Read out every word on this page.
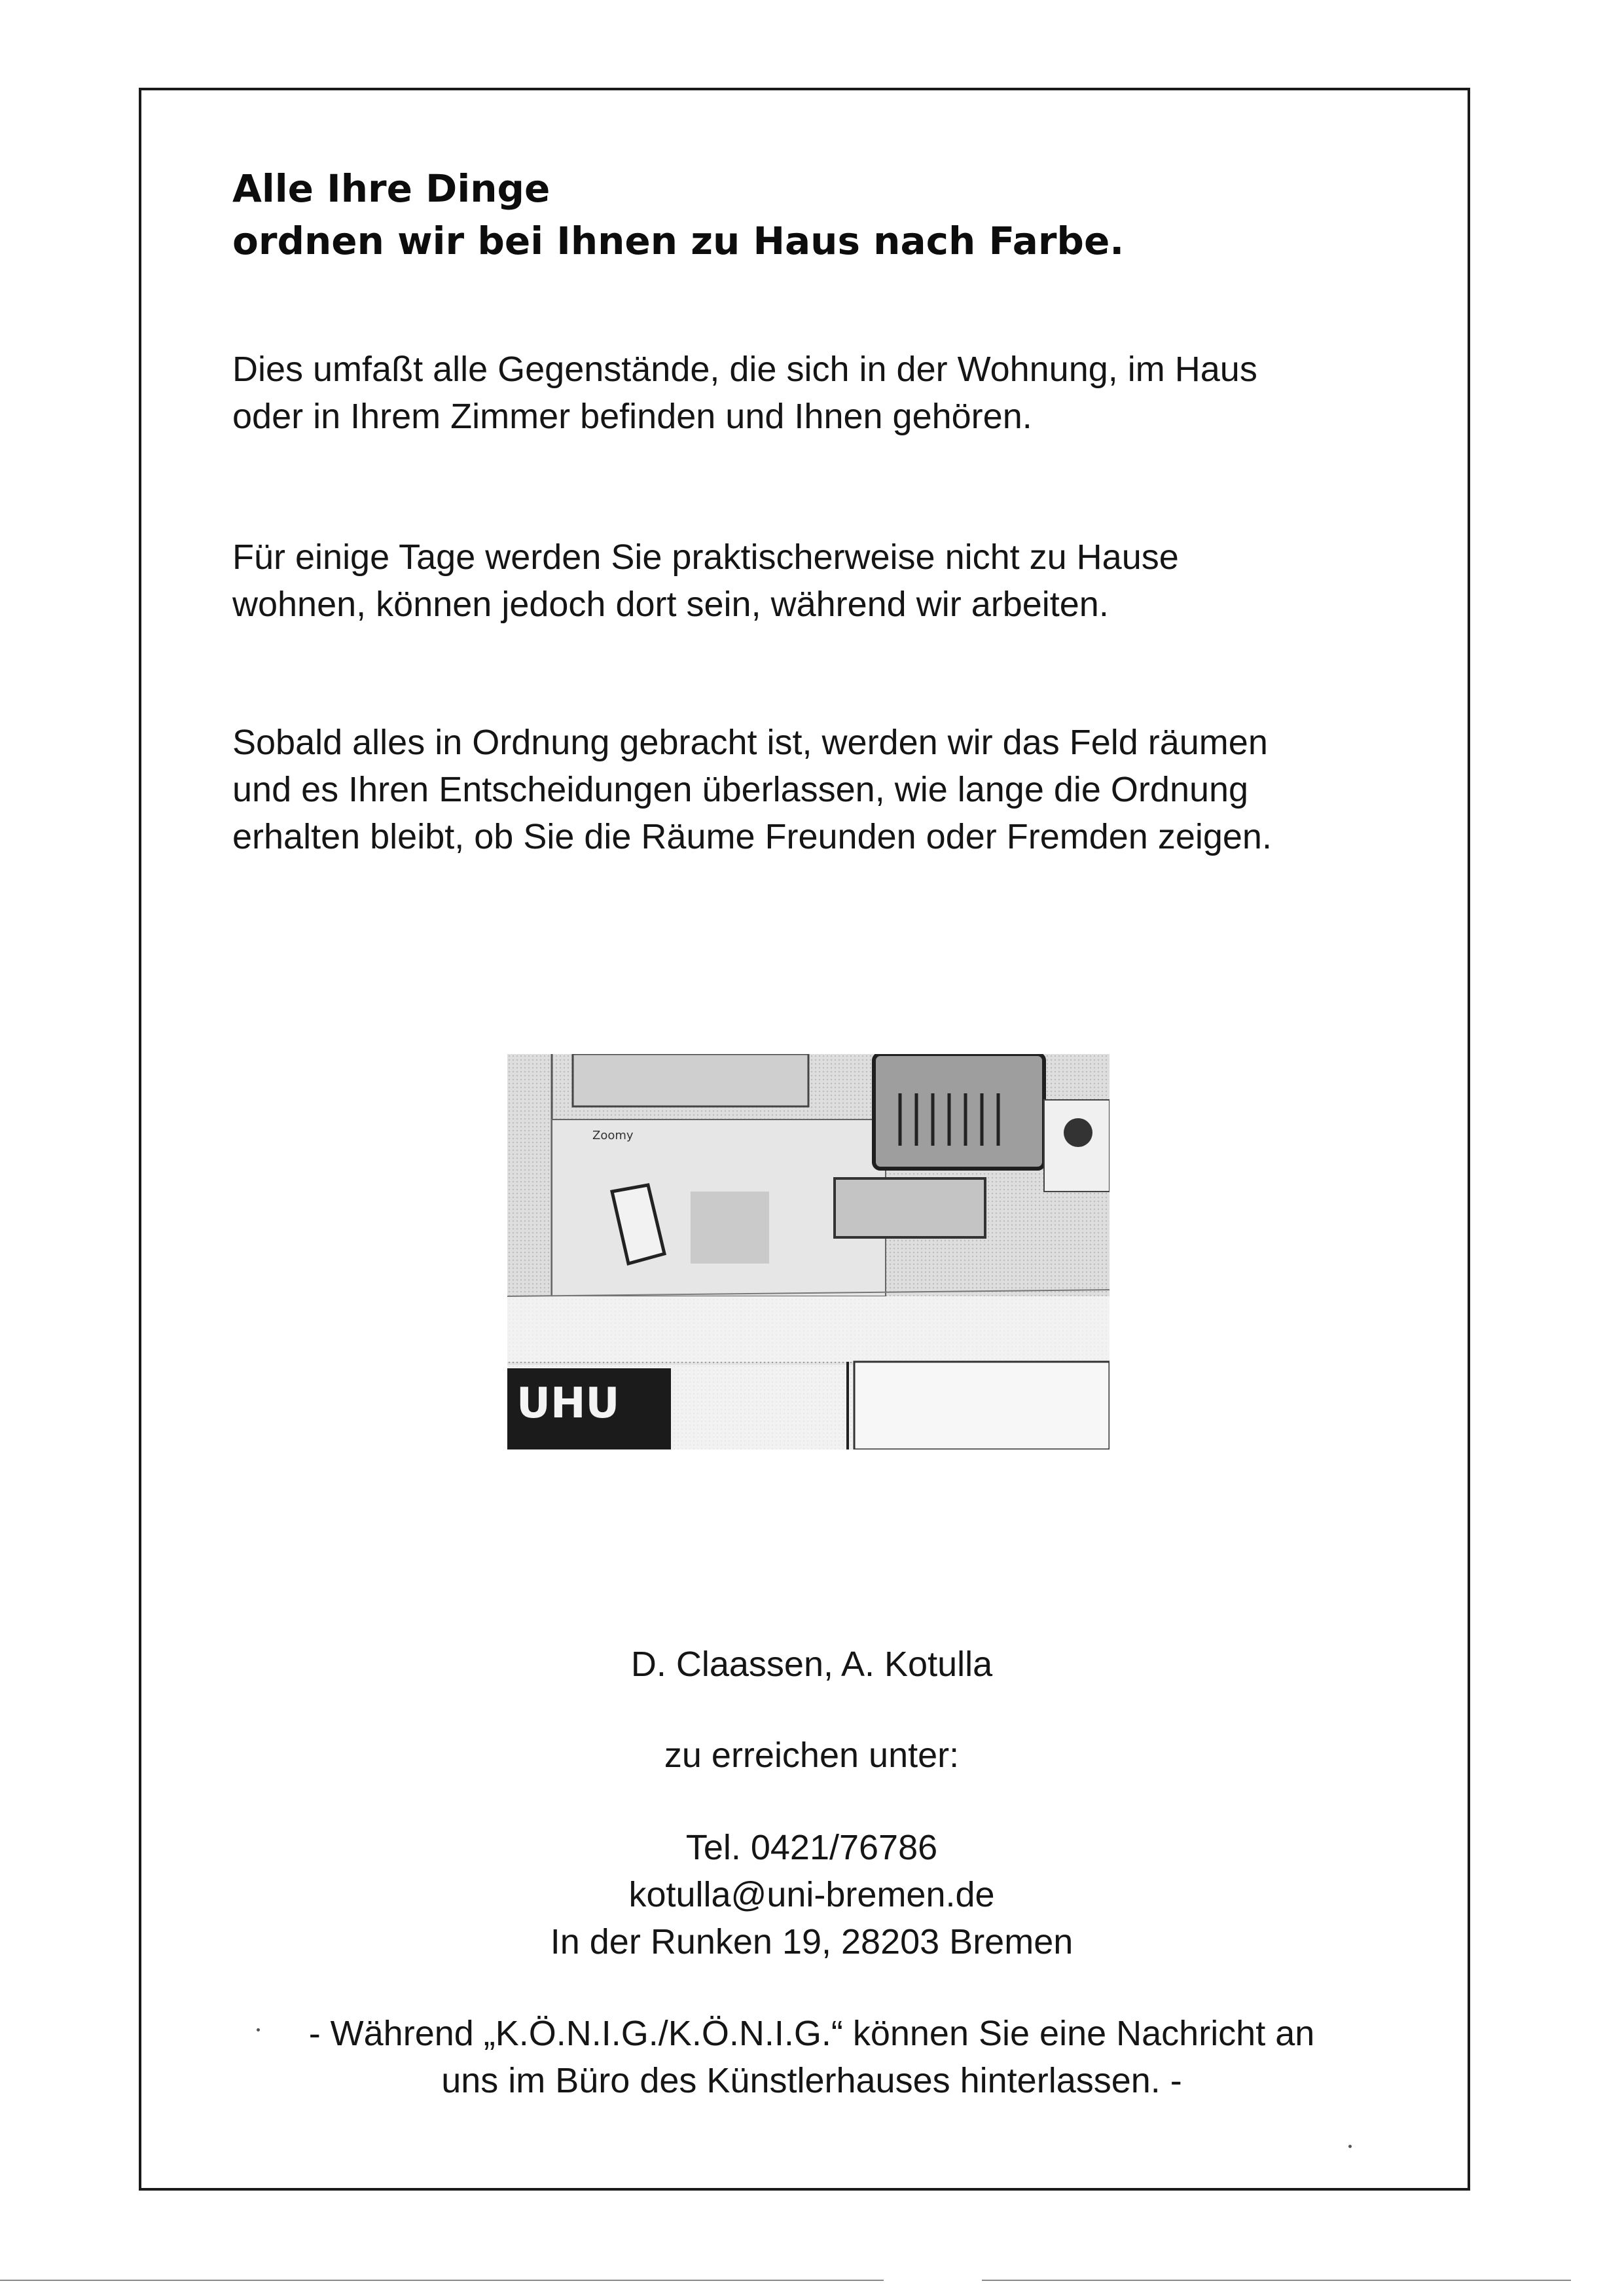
Alle Ihre Dinge
ordnen wir bei Ihnen zu Haus nach Farbe.

Dies umfaßt alle Gegenstände, die sich in der Wohnung, im Haus
oder in Ihrem Zimmer befinden und Ihnen gehören.

Für einige Tage werden Sie praktischerweise nicht zu Hause
wohnen, können jedoch dort sein, während wir arbeiten.

Sobald alles in Ordnung gebracht ist, werden wir das Feld räumen
und es Ihren Entscheidungen überlassen, wie lange die Ordnung
erhalten bleibt, ob Sie die Räume Freunden oder Fremden zeigen.

Zoomy
UHU

D. Claassen, A. Kotulla

zu erreichen unter:

Tel. 0421/76786
kotulla@uni-bremen.de
In der Runken 19, 28203 Bremen

- Während „K.Ö.N.I.G./K.Ö.N.I.G.“ können Sie eine Nachricht an
uns im Büro des Künstlerhauses hinterlassen. -
